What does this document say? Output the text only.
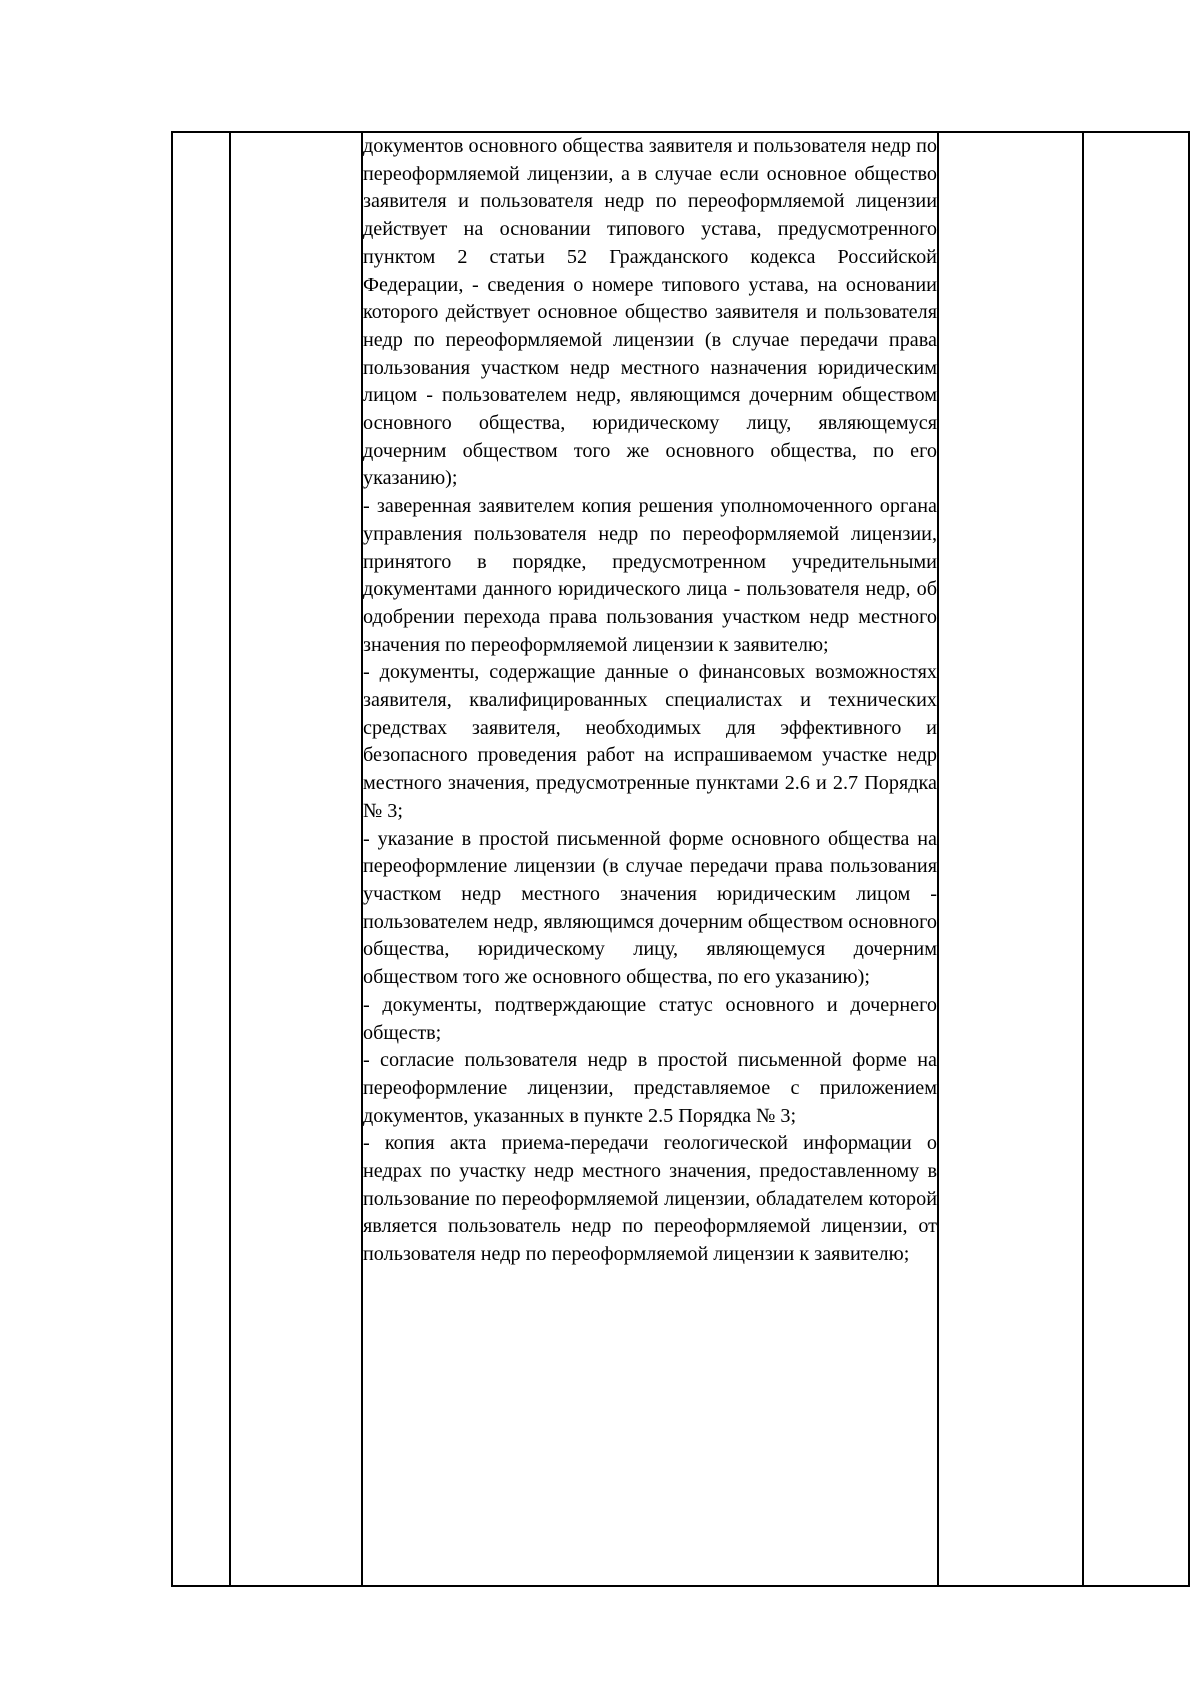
документов основного общества заявителя и пользователя недр по переоформляемой лицензии, а в случае если основное общество заявителя и пользователя недр по переоформляемой лицензии действует на основании типового устава, предусмотренного пунктом 2 статьи 52 Гражданского кодекса Российской Федерации, - сведения о номере типового устава, на основании которого действует основное общество заявителя и пользователя недр по переоформляемой лицензии (в случае передачи права пользования участком недр местного назначения юридическим лицом - пользователем недр, являющимся дочерним обществом основного общества, юридическому лицу, являющемуся дочерним обществом того же основного общества, по его указанию);
- заверенная заявителем копия решения уполномоченного органа управления пользователя недр по переоформляемой лицензии, принятого в порядке, предусмотренном учредительными документами данного юридического лица - пользователя недр, об одобрении перехода права пользования участком недр местного значения по переоформляемой лицензии к заявителю;
- документы, содержащие данные о финансовых возможностях заявителя, квалифицированных специалистах и технических средствах заявителя, необходимых для эффективного и безопасного проведения работ на испрашиваемом участке недр местного значения, предусмотренные пунктами 2.6 и 2.7 Порядка № 3;
- указание в простой письменной форме основного общества на переоформление лицензии (в случае передачи права пользования участком недр местного значения юридическим лицом - пользователем недр, являющимся дочерним обществом основного общества, юридическому лицу, являющемуся дочерним обществом того же основного общества, по его указанию);
- документы, подтверждающие статус основного и дочернего обществ;
- согласие пользователя недр в простой письменной форме на переоформление лицензии, представляемое с приложением документов, указанных в пункте 2.5 Порядка № 3;
- копия акта приема-передачи геологической информации о недрах по участку недр местного значения, предоставленному в пользование по переоформляемой лицензии, обладателем которой является пользователь недр по переоформляемой лицензии, от пользователя недр по переоформляемой лицензии к заявителю;
